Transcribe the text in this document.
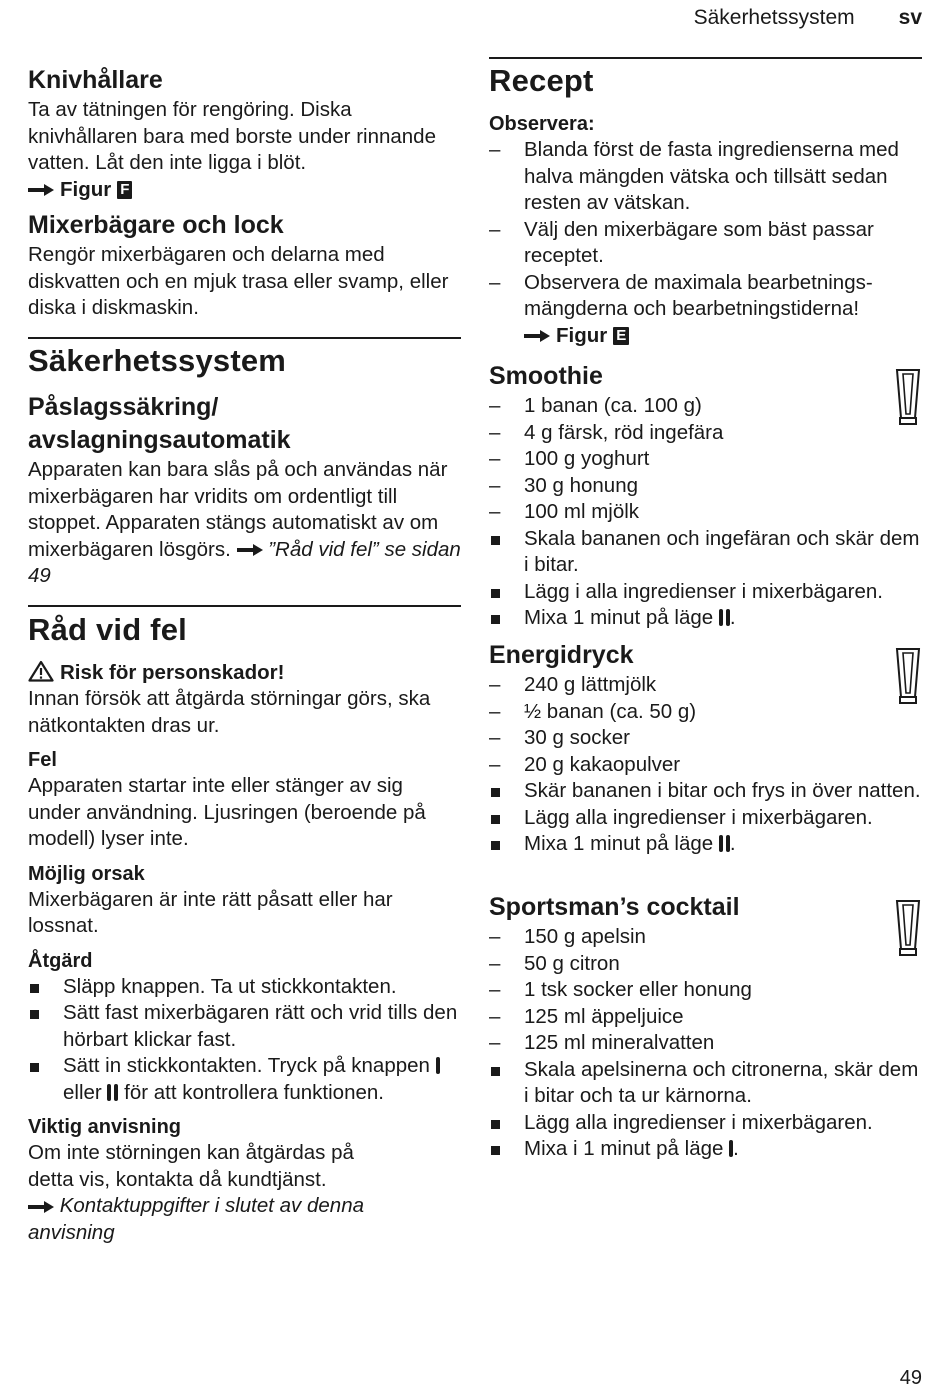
Säkerhetssystem sv
Knivhållare
Ta av tätningen för rengöring. Diska knivhållaren bara med borste under rinnande vatten. Låt den inte ligga i blöt.
Figur F
Mixerbägare och lock
Rengör mixerbägaren och delarna med diskvatten och en mjuk trasa eller svamp, eller diska i diskmaskin.
Säkerhetssystem
Påslagssäkring/
avslagningsautomatik
Apparaten kan bara slås på och användas när mixerbägaren har vridits om ordentligt till stoppet. Apparaten stängs automatiskt av om mixerbägaren lösgörs. ”Råd vid fel” se sidan 49
Råd vid fel
Risk för personskador!
Innan försök att åtgärda störningar görs, ska nätkontakten dras ur.
Fel
Apparaten startar inte eller stänger av sig under användning. Ljusringen (beroende på modell) lyser inte.
Möjlig orsak
Mixerbägaren är inte rätt påsatt eller har lossnat.
Åtgärd
Släpp knappen. Ta ut stickkontakten.
Sätt fast mixerbägaren rätt och vrid tills den hörbart klickar fast.
Sätt in stickkontakten. Tryck på knappen
eller för att kontrollera funktionen.
Viktig anvisning
Om inte störningen kan åtgärdas på detta vis, kontakta då kundtjänst.
Kontaktuppgifter i slutet av denna anvisning
Recept
Observera:
–
Blanda först de fasta ingredienserna med halva mängden vätska och tillsätt sedan resten av vätskan.
–
Välj den mixerbägare som bäst passar receptet.
–
Observera de maximala bearbetningsmängderna och bearbetningstiderna!
Figur E
Smoothie
–
1 banan (ca. 100 g)
–
4 g färsk, röd ingefära
–
100 g yoghurt
–
30 g honung
–
100 ml mjölk
Skala bananen och ingefäran och skär dem i bitar.
Lägg i alla ingredienser i mixerbägaren.
Mixa 1 minut på läge .
Energidryck
–
240 g lättmjölk
–
½ banan (ca. 50 g)
–
30 g socker
–
20 g kakaopulver
Skär bananen i bitar och frys in över natten.
Lägg alla ingredienser i mixerbägaren.
Mixa 1 minut på läge .
Sportsman’s cocktail
–
150 g apelsin
–
50 g citron
–
1 tsk socker eller honung
–
125 ml äppeljuice
–
125 ml mineralvatten
Skala apelsinerna och citronerna, skär dem i bitar och ta ur kärnorna.
Lägg alla ingredienser i mixerbägaren.
Mixa i 1 minut på läge .
49
